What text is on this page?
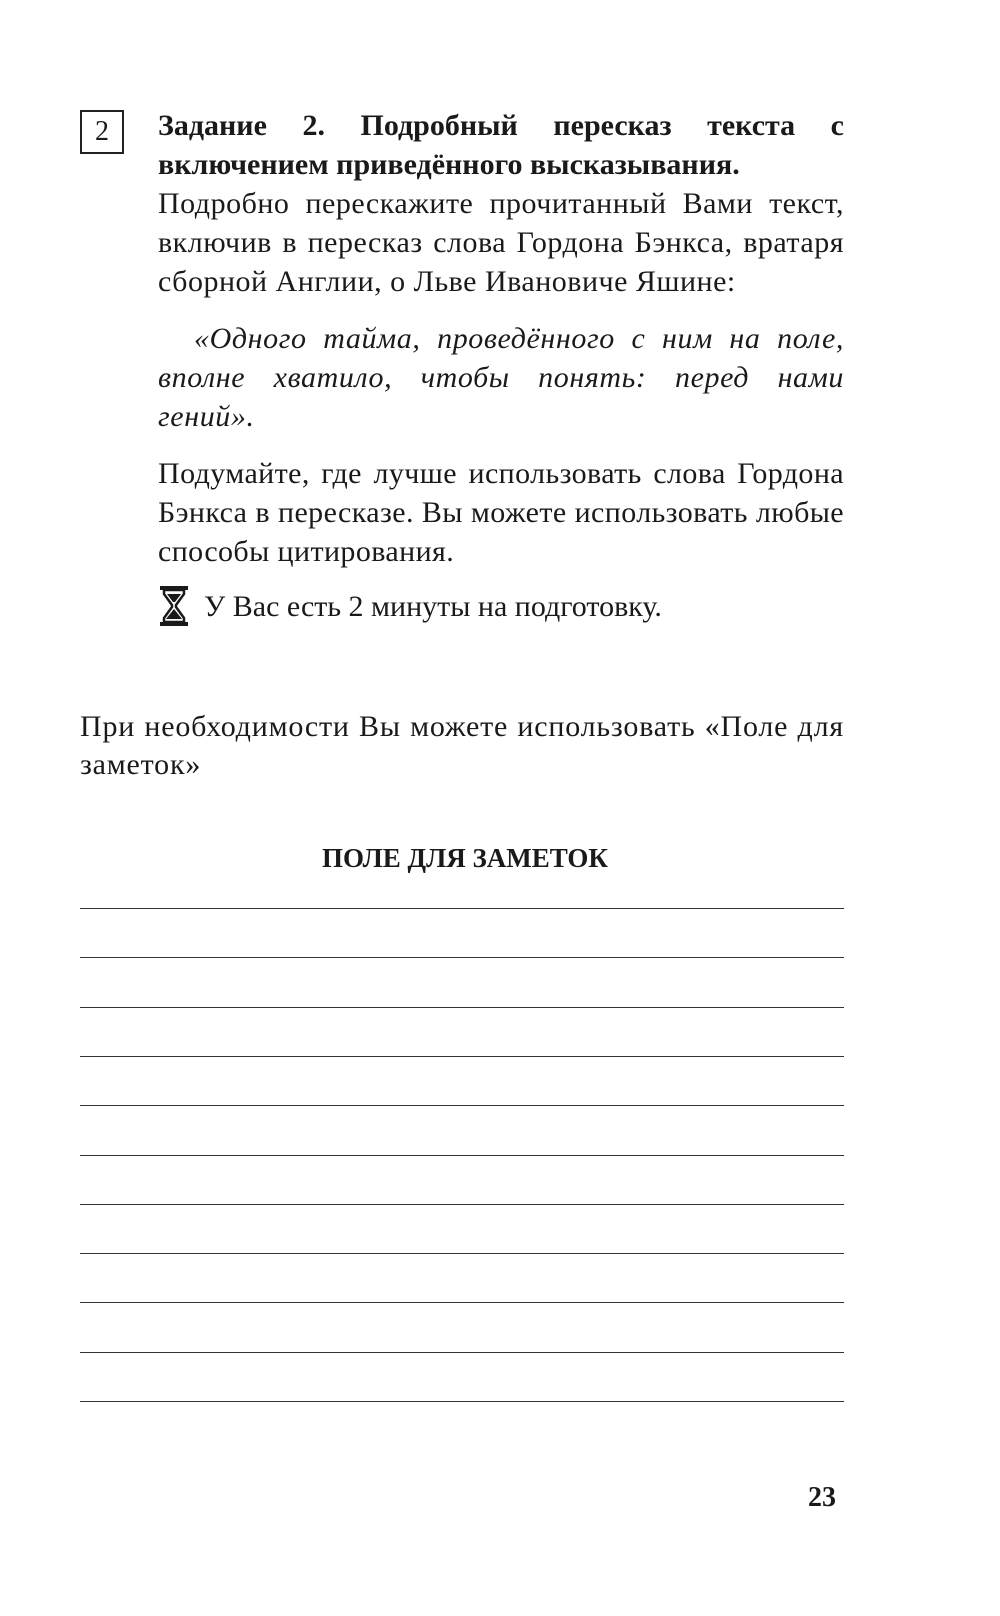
2	Задание 2. Подробный пересказ текста с включением приведённого высказывания.

Подробно перескажите прочитанный Вами текст, включив в пересказ слова Гордона Бэнкса, вратаря сборной Англии, о Льве Ивановиче Яшине:

«Одного тайма, проведённого с ним на поле, вполне хватило, чтобы понять: перед нами гений».

Подумайте, где лучше использовать слова Гордона Бэнкса в пересказе. Вы можете использовать любые способы цитирования.

У Вас есть 2 минуты на подготовку.

При необходимости Вы можете использовать «Поле для заметок»

ПОЛЕ ДЛЯ ЗАМЕТОК

23
